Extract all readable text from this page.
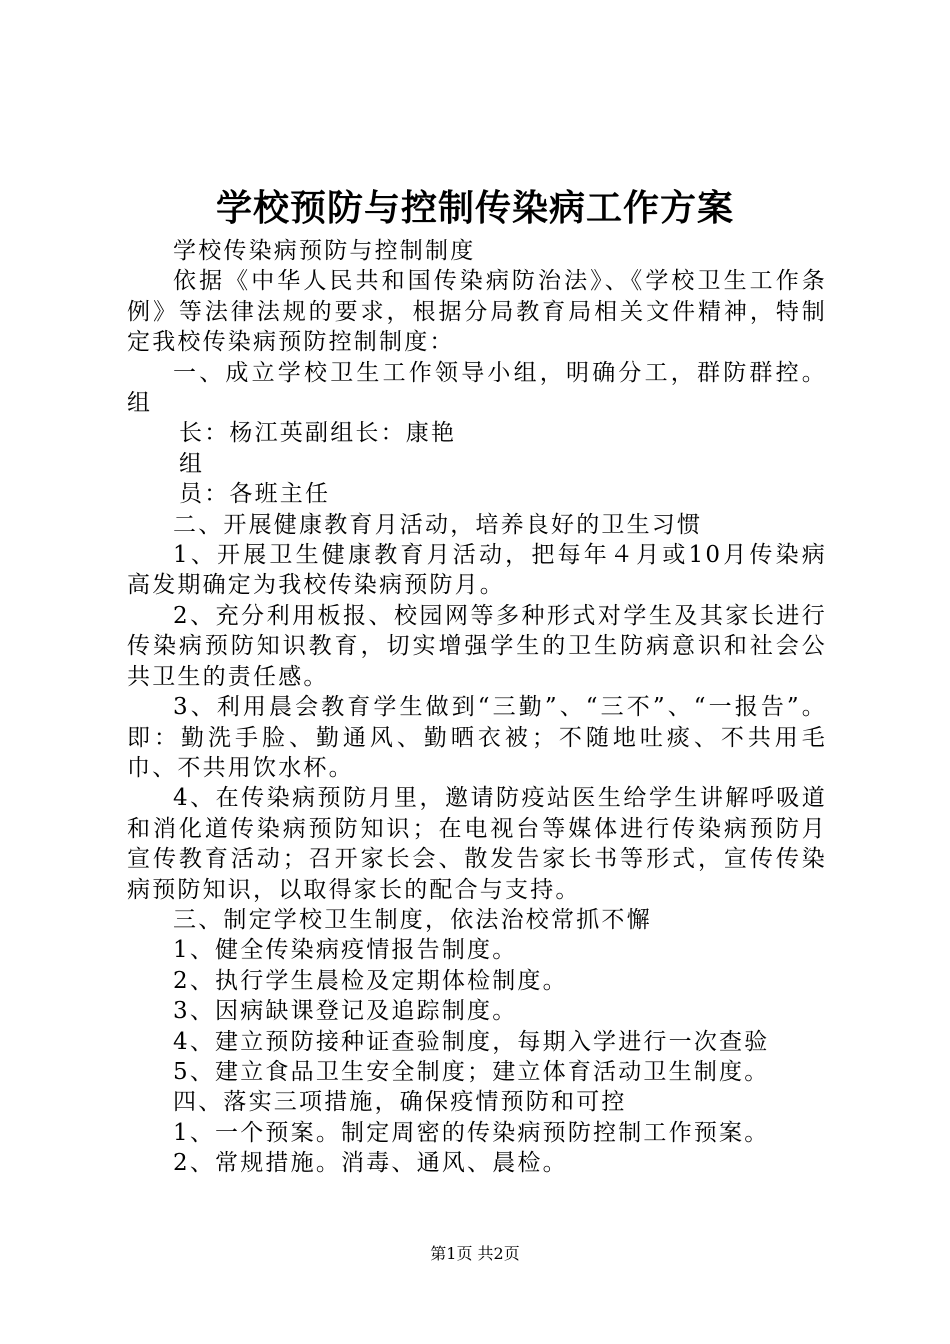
学校预防与控制传染病工作方案

学校传染病预防与控制制度

依据《中华人民共和国传染病防治法》、《学校卫生工作条例》等法律法规的要求，根据分局教育局相关文件精神，特制定我校传染病预防控制制度：

一、成立学校卫生工作领导小组，明确分工，群防群控。组

长：杨江英副组长：康艳

组

员：各班主任

二、开展健康教育月活动，培养良好的卫生习惯

1、开展卫生健康教育月活动，把每年４月或10月传染病高发期确定为我校传染病预防月。

2、充分利用板报、校园网等多种形式对学生及其家长进行传染病预防知识教育，切实增强学生的卫生防病意识和社会公共卫生的责任感。

3、利用晨会教育学生做到“三勤”、“三不”、“一报告”。即：勤洗手脸、勤通风、勤晒衣被；不随地吐痰、不共用毛巾、不共用饮水杯。

4、在传染病预防月里，邀请防疫站医生给学生讲解呼吸道和消化道传染病预防知识；在电视台等媒体进行传染病预防月宣传教育活动；召开家长会、散发告家长书等形式，宣传传染病预防知识，以取得家长的配合与支持。

三、制定学校卫生制度，依法治校常抓不懈

1、健全传染病疫情报告制度。

2、执行学生晨检及定期体检制度。

3、因病缺课登记及追踪制度。

4、建立预防接种证查验制度，每期入学进行一次查验

5、建立食品卫生安全制度；建立体育活动卫生制度。

四、落实三项措施，确保疫情预防和可控

1、一个预案。制定周密的传染病预防控制工作预案。

2、常规措施。消毒、通风、晨检。

第1页 共2页
